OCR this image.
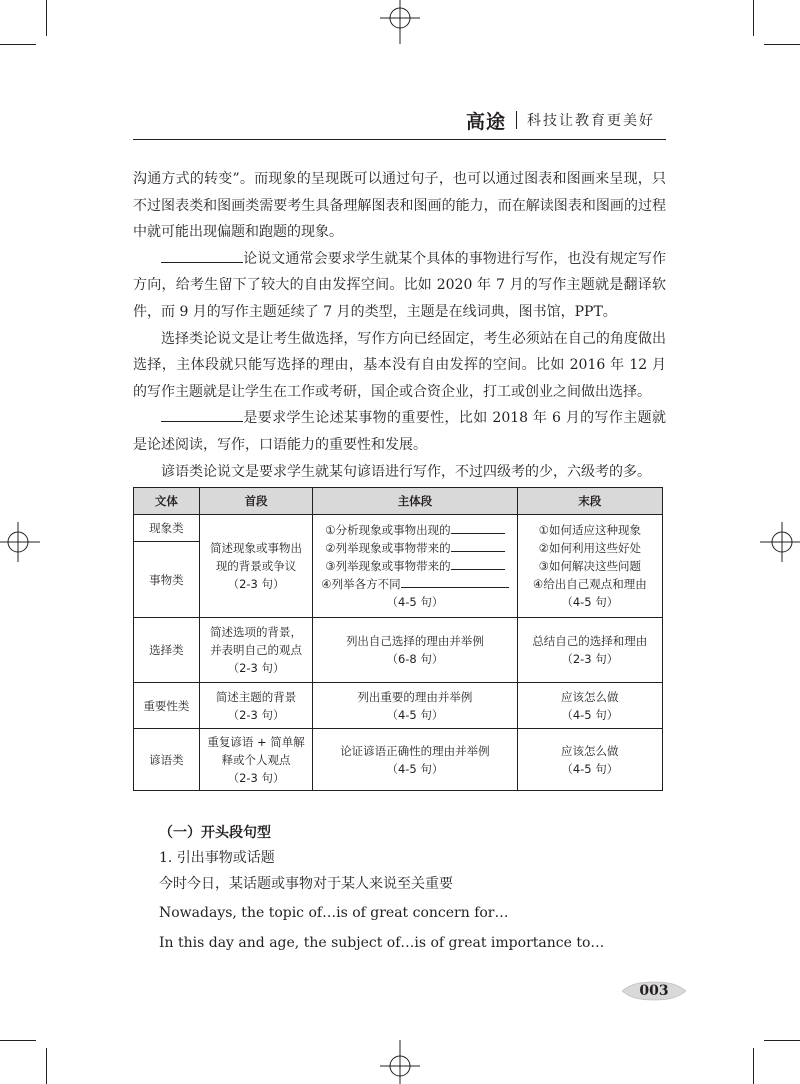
高途 科技让教育更美好

沟通方式的转变”。而现象的呈现既可以通过句子，也可以通过图表和图画来呈现，只不过图表类和图画类需要考生具备理解图表和图画的能力，而在解读图表和图画的过程中就可能出现偏题和跑题的现象。

论说文通常会要求学生就某个具体的事物进行写作，也没有规定写作方向，给考生留下了较大的自由发挥空间。比如 2020 年 7 月的写作主题就是翻译软件，而 9 月的写作主题延续了 7 月的类型，主题是在线词典，图书馆，PPT。

选择类论说文是让考生做选择，写作方向已经固定，考生必须站在自己的角度做出选择，主体段就只能写选择的理由，基本没有自由发挥的空间。比如 2016 年 12 月的写作主题就是让学生在工作或考研，国企或合资企业，打工或创业之间做出选择。

是要求学生论述某事物的重要性，比如 2018 年 6 月的写作主题就是论述阅读，写作，口语能力的重要性和发展。

谚语类论说文是要求学生就某句谚语进行写作，不过四级考的少，六级考的多。

文体	首段	主体段	末段
现象类	简述现象或事物出
现的背景或争议
（2-3 句）	①分析现象或事物出现的
②列举现象或事物带来的
③列举现象或事物带来的
④列举各方不同
（4-5 句）	①如何适应这种现象
②如何利用这些好处
③如何解决这些问题
④给出自己观点和理由
（4-5 句）

事物类			
选择类	简述选项的背景，
并表明自己的观点
（2-3 句）	列出自己选择的理由并举例
（6-8 句）	总结自己的选择和理由
（2-3 句）

重要性类	简述主题的背景
（2-3 句）	列出重要的理由并举例
（4-5 句）	应该怎么做
（4-5 句）

谚语类	重复谚语 + 简单解
释或个人观点
（2-3 句）	论证谚语正确性的理由并举例
（4-5 句）	应该怎么做
（4-5 句）

（一）开头段句型

1. 引出事物或话题

今时今日，某话题或事物对于某人来说至关重要

Nowadays, the topic of…is of great concern for…

In this day and age, the subject of…is of great importance to…

003
